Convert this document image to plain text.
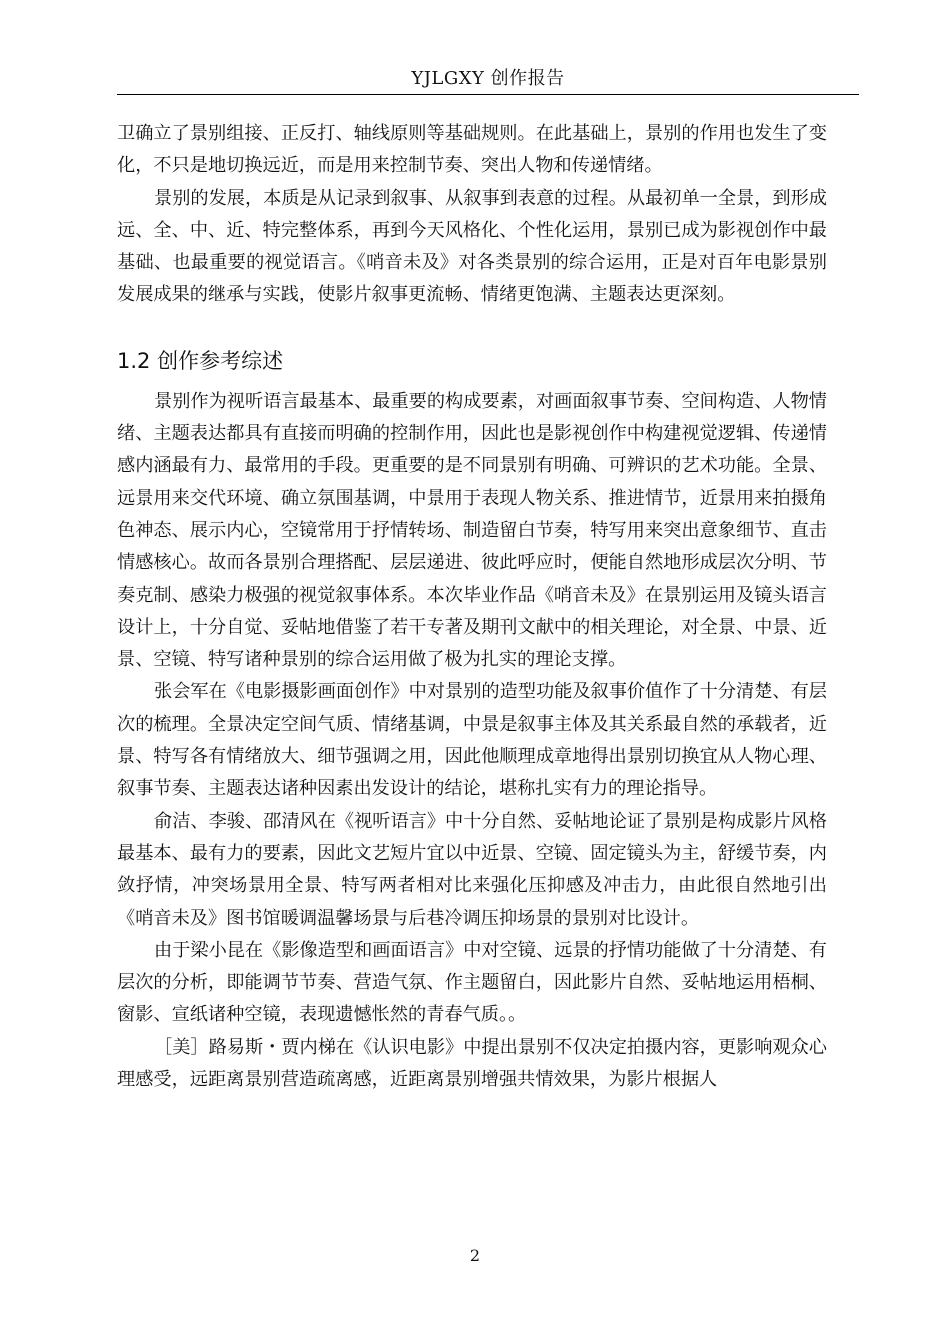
YJLGXY 创作报告

卫确立了景别组接、正反打、轴线原则等基础规则。在此基础上，景别的作用也发生了变化，不只是地切换远近，而是用来控制节奏、突出人物和传递情绪。

景别的发展，本质是从记录到叙事、从叙事到表意的过程。从最初单一全景，到形成远、全、中、近、特完整体系，再到今天风格化、个性化运用，景别已成为影视创作中最基础、也最重要的视觉语言。《哨音未及》对各类景别的综合运用，正是对百年电影景别发展成果的继承与实践，使影片叙事更流畅、情绪更饱满、主题表达更深刻。

1.2 创作参考综述

景别作为视听语言最基本、最重要的构成要素，对画面叙事节奏、空间构造、人物情绪、主题表达都具有直接而明确的控制作用，因此也是影视创作中构建视觉逻辑、传递情感内涵最有力、最常用的手段。更重要的是不同景别有明确、可辨识的艺术功能。全景、远景用来交代环境、确立氛围基调，中景用于表现人物关系、推进情节，近景用来拍摄角色神态、展示内心，空镜常用于抒情转场、制造留白节奏，特写用来突出意象细节、直击情感核心。故而各景别合理搭配、层层递进、彼此呼应时，便能自然地形成层次分明、节奏克制、感染力极强的视觉叙事体系。本次毕业作品《哨音未及》在景别运用及镜头语言设计上，十分自觉、妥帖地借鉴了若干专著及期刊文献中的相关理论，对全景、中景、近景、空镜、特写诸种景别的综合运用做了极为扎实的理论支撑。

张会军在《电影摄影画面创作》中对景别的造型功能及叙事价值作了十分清楚、有层次的梳理。全景决定空间气质、情绪基调，中景是叙事主体及其关系最自然的承载者，近景、特写各有情绪放大、细节强调之用，因此他顺理成章地得出景别切换宜从人物心理、叙事节奏、主题表达诸种因素出发设计的结论，堪称扎实有力的理论指导。

俞洁、李骏、邵清风在《视听语言》中十分自然、妥帖地论证了景别是构成影片风格最基本、最有力的要素，因此文艺短片宜以中近景、空镜、固定镜头为主，舒缓节奏，内敛抒情，冲突场景用全景、特写两者相对比来强化压抑感及冲击力，由此很自然地引出《哨音未及》图书馆暖调温馨场景与后巷冷调压抑场景的景别对比设计。

由于梁小昆在《影像造型和画面语言》中对空镜、远景的抒情功能做了十分清楚、有层次的分析，即能调节节奏、营造气氛、作主题留白，因此影片自然、妥帖地运用梧桐、窗影、宣纸诸种空镜，表现遗憾怅然的青春气质。。

［美］路易斯・贾内梯在《认识电影》中提出景别不仅决定拍摄内容，更影响观众心理感受，远距离景别营造疏离感，近距离景别增强共情效果，为影片根据人

2
